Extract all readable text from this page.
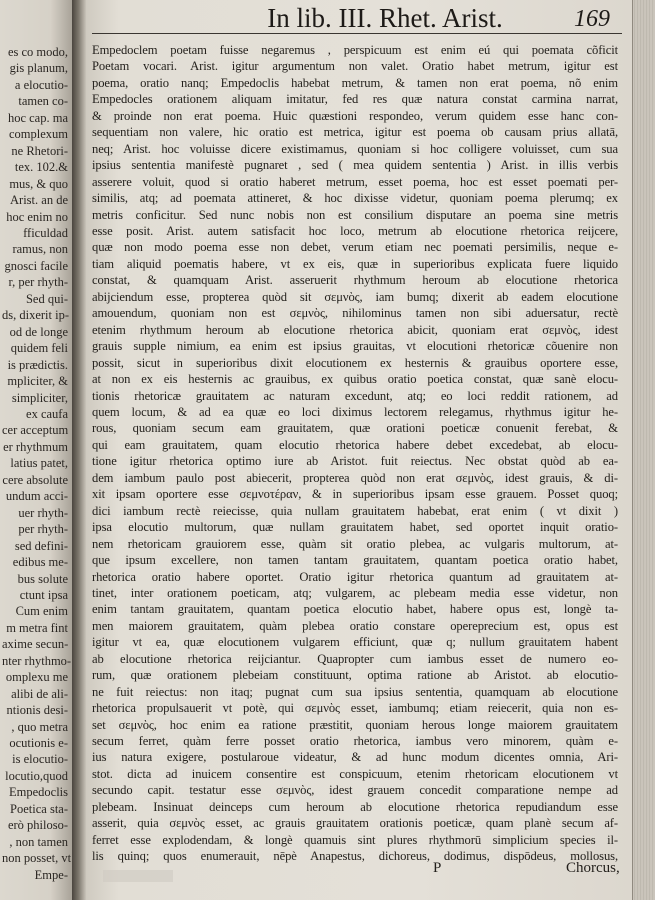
es co modo,
gis planum,
a elocutio-
tamen co-
hoc cap. ma
complexum
ne Rhetori-
tex. 102.&
mus, & quo
Arist. an de
hoc enim no
fficuldad
ramus, non
gnosci facile
r, per rhyth-
Sed qui-
ds, dixerit ip-
od de longe
quidem feli
is prædictis.
mpliciter, &
simpliciter,
ex caufa
cer acceptum
er rhythmum
latius patet,
cere absolute
undum acci-
uer rhyth-
per rhyth-
sed defini-
edibus me-
bus solute
ctunt ipsa
Cum enim
m metra fint
axime secun-
nter rhythmo-
omplexu me
alibi de ali-
ntionis desi-
, quo metra
ocutionis e-
is elocutio-
locutio,quod
Empedoclis
Poetica sta-
erò philoso-
, non tamen
non posset, vt
Empe-
In lib. III. Rhet. Arist.	169
Empedoclem poetam fuisse negaremus , perspicuum est enim eú qui poemata cõficit
Poetam vocari. Arist. igitur argumentum non valet. Oratio habet metrum, igitur est
poema, oratio nanq; Empedoclis habebat metrum, & tamen non erat poema, nõ enim
Empedocles orationem aliquam imitatur, fed res quæ natura constat carmina narrat,
& proinde non erat poema. Huic quæstioni respondeo, verum quidem esse hanc con-
sequentiam non valere, hic oratio est metrica, igitur est poema ob causam prius allatā,
neq; Arist. hoc voluisse dicere existimamus, quoniam si hoc colligere voluisset, cum sua
ipsius sententia manifestè pugnaret , sed ( mea quidem sententia ) Arist. in illis verbis
asserere voluit, quod si oratio haberet metrum, esset poema, hoc est esset poemati per-
similis, atq; ad poemata attineret, & hoc dixisse videtur, quoniam poema plerumq; ex
metris conficitur. Sed nunc nobis non est consilium disputare an poema sine metris
esse posit. Arist. autem satisfacit hoc loco, metrum ab elocutione rhetorica reijcere,
quæ non modo poema esse non debet, verum etiam nec poemati persimilis, neque e-
tiam aliquid poematis habere, vt ex eis, quæ in superioribus explicata fuere liquido
constat, & quamquam Arist. asseruerit rhythmum heroum ab elocutione rhetorica
abijciendum esse, propterea quòd sit σεμνὸς, iam bumq; dixerit ab eadem elocutione
amouendum, quoniam non est σεμνὸς, nihilominus tamen non sibi aduersatur, rectè
etenim rhythmum heroum ab elocutione rhetorica abicit, quoniam erat σεμνὸς, idest
grauis supple nimium, ea enim est ipsius grauitas, vt elocutioni rhetoricæ cõuenire non
possit, sicut in superioribus dixit elocutionem ex hesternis & grauibus oportere esse,
at non ex eis hesternis ac grauibus, ex quibus oratio poetica constat, quæ sanè elocu-
tionis rhetoricæ grauitatem ac naturam excedunt, atq; eo loci reddit rationem, ad
quem locum, & ad ea quæ eo loci diximus lectorem relegamus, rhythmus igitur he-
rous, quoniam secum eam grauitatem, quæ orationi poeticæ conuenit ferebat, &
qui eam grauitatem, quam elocutio rhetorica habere debet excedebat, ab elocu-
tione igitur rhetorica optimo iure ab Aristot. fuit reiectus. Nec obstat quòd ab ea-
dem iambum paulo post abiecerit, propterea quòd non erat σεμνὸς, idest grauis, & di-
xit ipsam oportere esse σεμνοτέραν, & in superioribus ipsam esse grauem. Posset quoq;
dici iambum rectè reiecisse, quia nullam grauitatem habebat, erat enim ( vt dixit )
ipsa elocutio multorum, quæ nullam grauitatem habet, sed oportet inquit oratio-
nem rhetoricam grauiorem esse, quàm sit oratio plebea, ac vulgaris multorum, at-
que ipsum excellere, non tamen tantam grauitatem, quantam poetica oratio habet,
rhetorica oratio habere oportet. Oratio igitur rhetorica quantum ad grauitatem at-
tinet, inter orationem poeticam, atq; vulgarem, ac plebeam media esse videtur, non
enim tantam grauitatem, quantam poetica elocutio habet, habere opus est, longè ta-
men maiorem grauitatem, quàm plebea oratio constare opereprecium est, opus est
igitur vt ea, quæ elocutionem vulgarem efficiunt, quæ q; nullum grauitatem habent
ab elocutione rhetorica reijciantur. Quapropter cum iambus esset de numero eo-
rum, quæ orationem plebeiam constituunt, optima ratione ab Aristot. ab elocutio-
ne fuit reiectus: non itaq; pugnat cum sua ipsius sententia, quamquam ab elocutione
rhetorica propulsauerit vt potè, qui σεμνὸς esset, iambumq; etiam reiecerit, quia non es-
set σεμνὸς, hoc enim ea ratione præstitit, quoniam herous longe maiorem grauitatem
secum ferret, quàm ferre posset oratio rhetorica, iambus vero minorem, quàm e-
ius natura exigere, postularoue videatur, & ad hunc modum dicentes omnia, Ari-
stot. dicta ad inuicem consentire est conspicuum, etenim rhetoricam elocutionem vt
secundo capit. testatur esse σεμνὸς, idest grauem concedit comparatione nempe ad
plebeam. Insinuat deinceps cum heroum ab elocutione rhetorica repudiandum esse
asserit, quia σεμνὸς esset, ac grauis grauitatem orationis poeticæ, quam planè secum af-
ferret esse explodendam, & longè quamuis sint plures rhythmorū simplicium species il-
lis quinq; quos enumerauit, nēpè Anapestus, dichoreus, dodimus, dispōdeus, mollosus,
P	Chorcus,
